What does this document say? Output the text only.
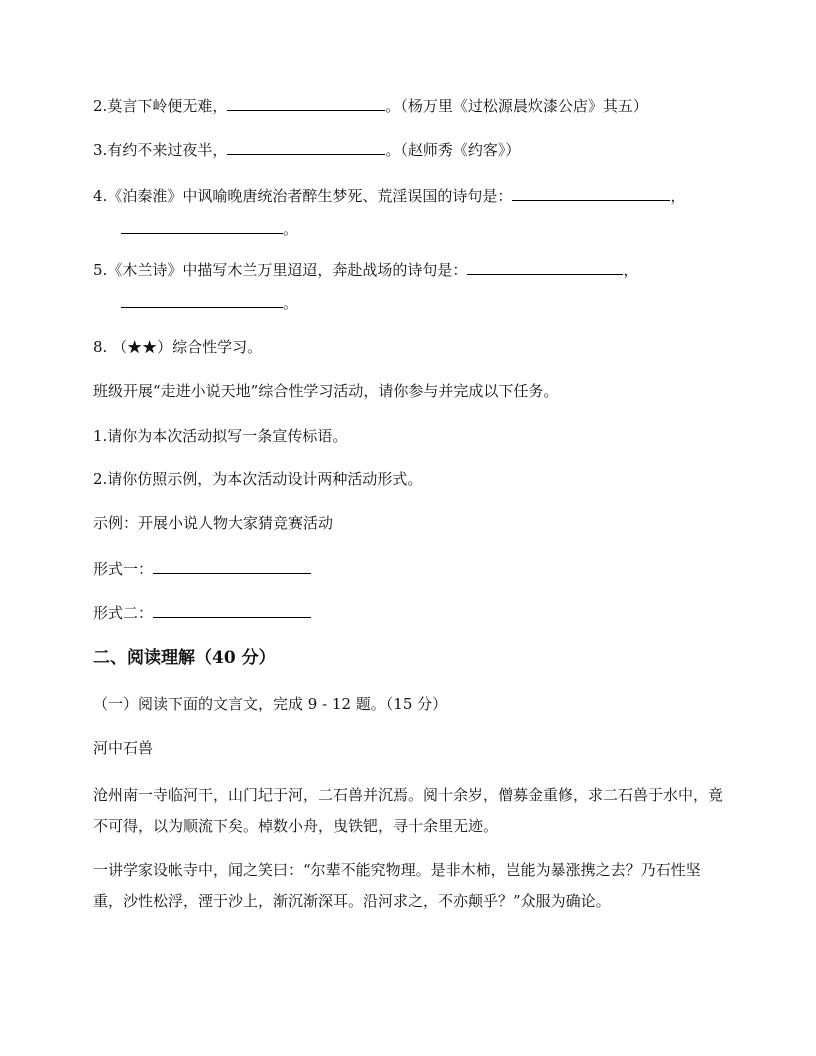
2.莫言下岭便无难，	。（杨万里《过松源晨炊漆公店》其五）
3.有约不来过夜半，	。（赵师秀《约客》）
4.《泊秦淮》中讽喻晚唐统治者醉生梦死、荒淫误国的诗句是：	，
。
5.《木兰诗》中描写木兰万里迢迢，奔赴战场的诗句是：	，
。
8. （★★）综合性学习。
班级开展“走进小说天地”综合性学习活动，请你参与并完成以下任务。
1.请你为本次活动拟写一条宣传标语。
2.请你仿照示例，为本次活动设计两种活动形式。
示例：开展小说人物大家猜竞赛活动
形式一：
形式二：
二、阅读理解（40 分）
（一）阅读下面的文言文，完成 9 - 12 题。（15 分）
河中石兽
沧州南一寺临河干，山门圮于河，二石兽并沉焉。阅十余岁，僧募金重修，求二石兽于水中，竟不可得，以为顺流下矣。棹数小舟，曳铁钯，寻十余里无迹。
一讲学家设帐寺中，闻之笑曰：“尔辈不能究物理。是非木柿，岂能为暴涨携之去？乃石性坚重，沙性松浮，湮于沙上，渐沉渐深耳。沿河求之，不亦颠乎？”众服为确论。
